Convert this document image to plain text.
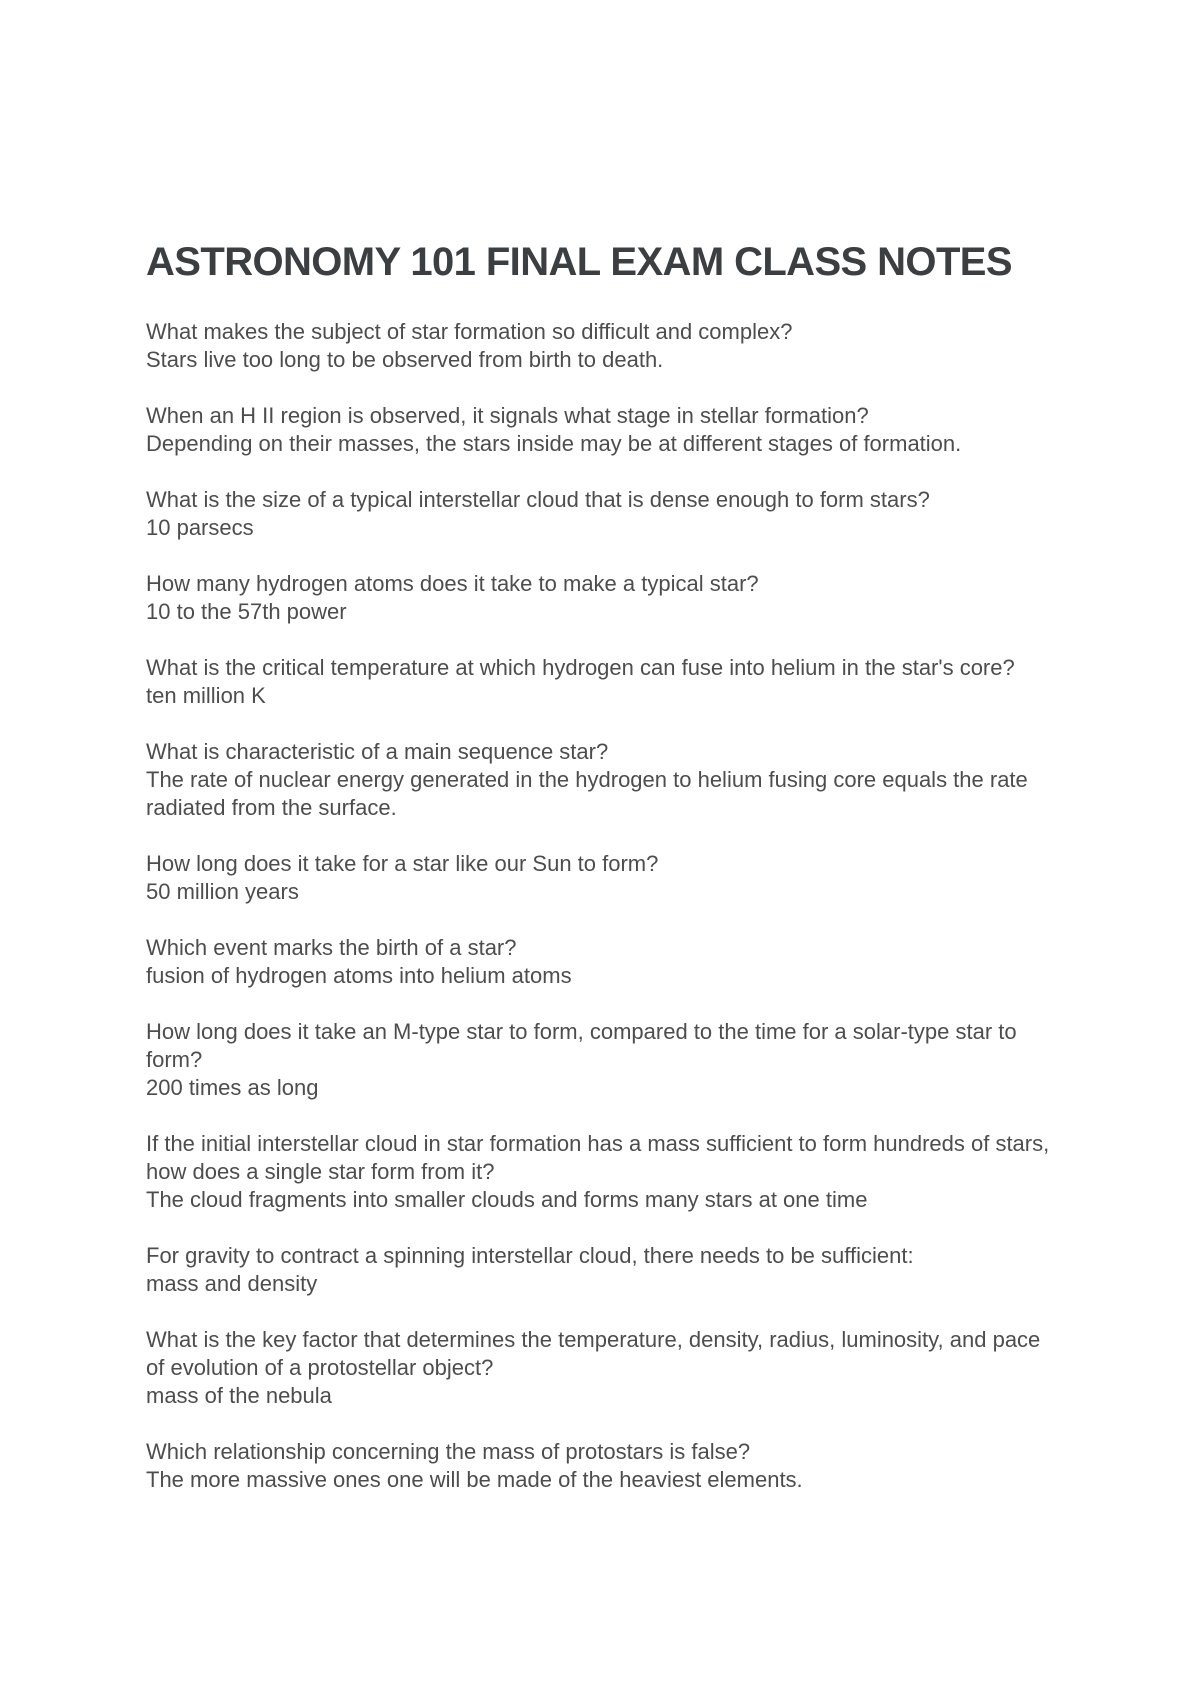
ASTRONOMY 101 FINAL EXAM CLASS NOTES

What makes the subject of star formation so difficult and complex?

Stars live too long to be observed from birth to death.

When an H II region is observed, it signals what stage in stellar formation?

Depending on their masses, the stars inside may be at different stages of formation.

What is the size of a typical interstellar cloud that is dense enough to form stars?

10 parsecs

How many hydrogen atoms does it take to make a typical star?

10 to the 57th power

What is the critical temperature at which hydrogen can fuse into helium in the star's core?

ten million K

What is characteristic of a main sequence star?

The rate of nuclear energy generated in the hydrogen to helium fusing core equals the rate radiated from the surface.

How long does it take for a star like our Sun to form?

50 million years

Which event marks the birth of a star?

fusion of hydrogen atoms into helium atoms

How long does it take an M-type star to form, compared to the time for a solar-type star to form?

200 times as long

If the initial interstellar cloud in star formation has a mass sufficient to form hundreds of stars, how does a single star form from it?

The cloud fragments into smaller clouds and forms many stars at one time

For gravity to contract a spinning interstellar cloud, there needs to be sufficient:

mass and density

What is the key factor that determines the temperature, density, radius, luminosity, and pace of evolution of a protostellar object?

mass of the nebula

Which relationship concerning the mass of protostars is false?

The more massive ones one will be made of the heaviest elements.
